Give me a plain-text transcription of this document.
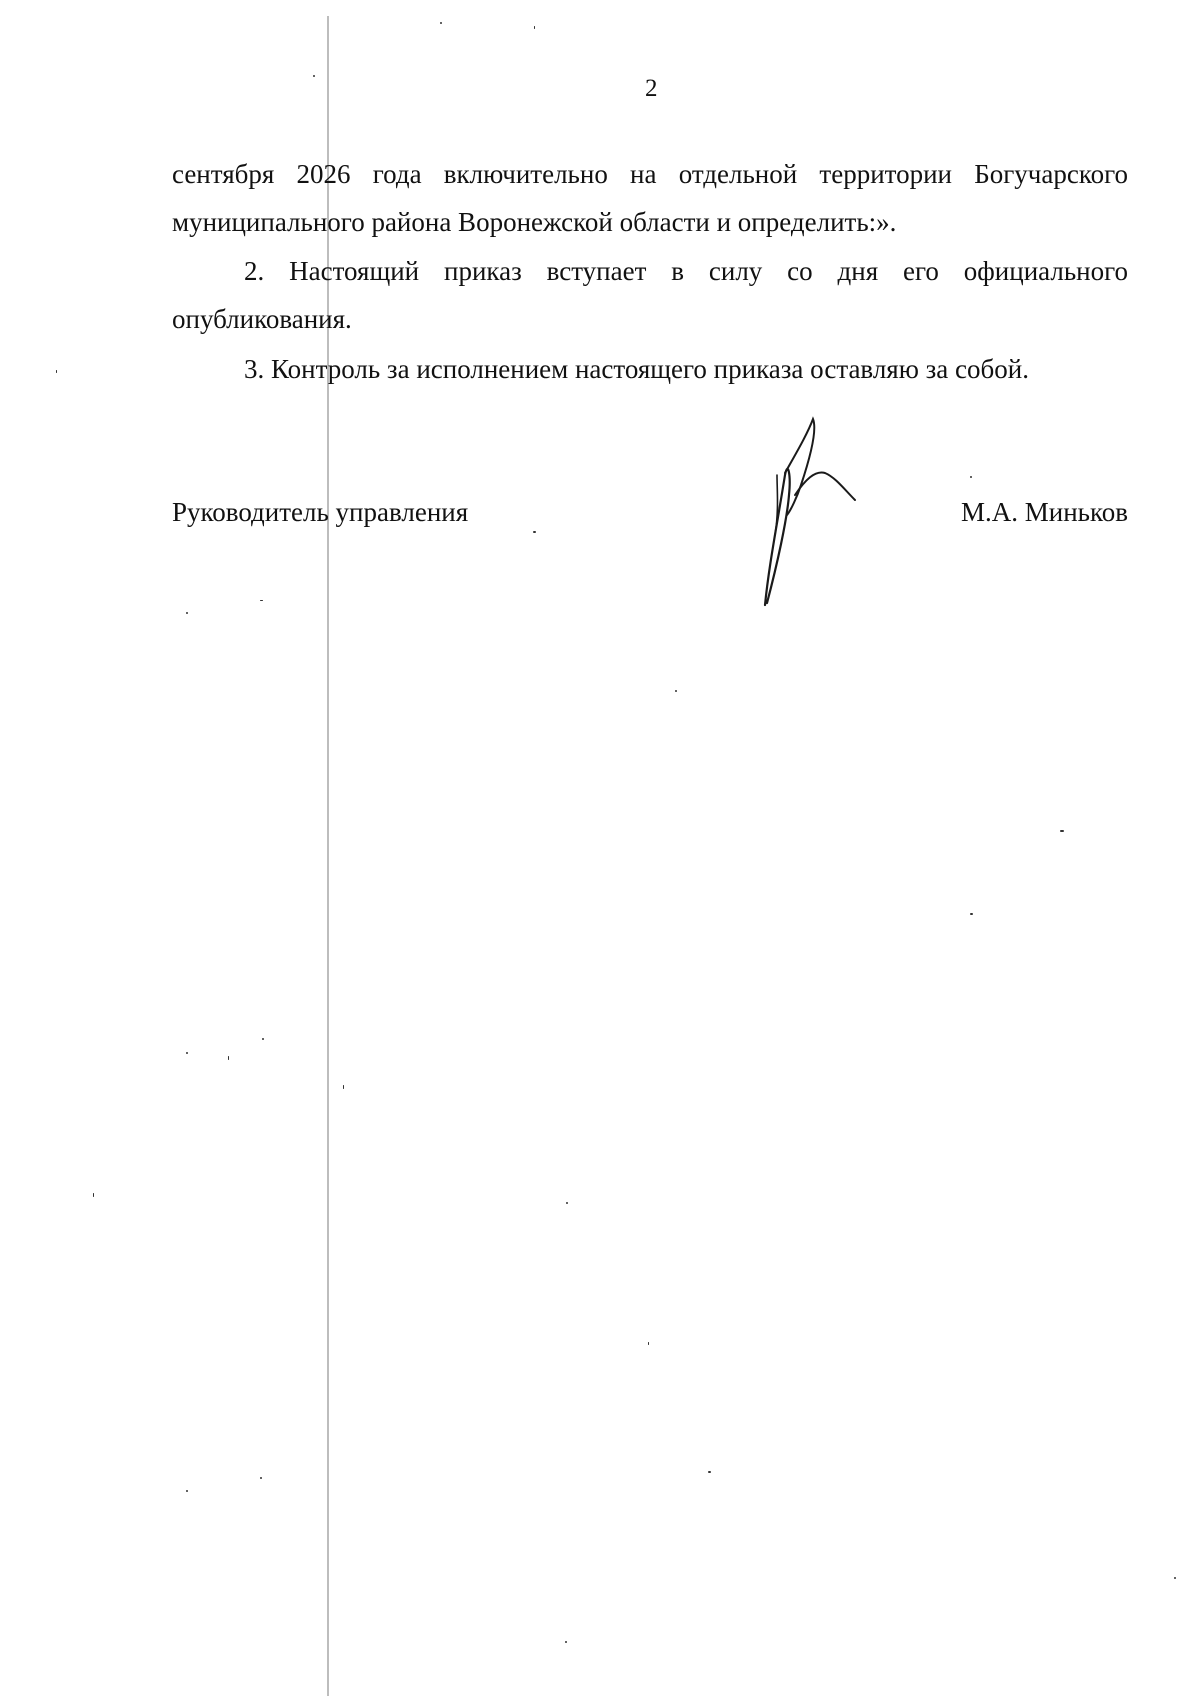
2
сентября 2026 года включительно на отдельной территории Богучарского муниципального района Воронежской области и определить:».
2. Настоящий приказ вступает в силу со дня его официального опубликования.
3. Контроль за исполнением настоящего приказа оставляю за собой.
Руководитель управления	М.А. Миньков
